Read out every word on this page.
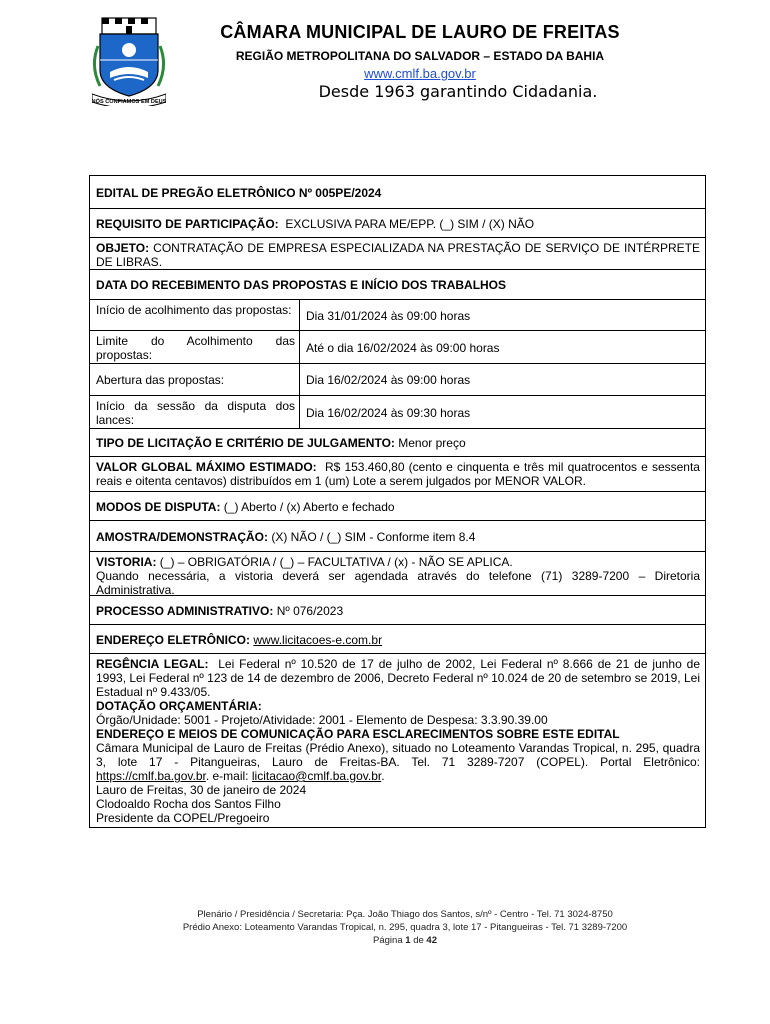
NÓS CONFIAMOS EM DEUS
CÂMARA MUNICIPAL DE LAURO DE FREITAS
REGIÃO METROPOLITANA DO SALVADOR – ESTADO DA BAHIA
www.cmlf.ba.gov.br
Desde 1963 garantindo Cidadania.
EDITAL DE PREGÃO ELETRÔNICO Nº 005PE/2024
REQUISITO DE PARTICIPAÇÃO:
EXCLUSIVA PARA ME/EPP. (_) SIM / (X) NÃO
OBJETO: CONTRATAÇÃO DE EMPRESA ESPECIALIZADA NA PRESTAÇÃO DE SERVIÇO DE INTÉRPRETE DE LIBRAS.
DATA DO RECEBIMENTO DAS PROPOSTAS E INÍCIO DOS TRABALHOS
Início de acolhimento das propostas:	Dia 31/01/2024 às 09:00 horas
Limite do Acolhimento das propostas:
Até o dia 16/02/2024 às 09:00 horas
Abertura das propostas:	Dia 16/02/2024 às 09:00 horas
Início da sessão da disputa dos lances:
Dia 16/02/2024 às 09:30 horas
TIPO DE LICITAÇÃO E CRITÉRIO DE JULGAMENTO:
Menor preço
VALOR GLOBAL MÁXIMO ESTIMADO: R$ 153.460,80 (cento e cinquenta e três mil quatrocentos e sessenta reais e oitenta centavos) distribuídos em 1 (um) Lote a serem julgados por MENOR VALOR.
MODOS DE DISPUTA:
(_) Aberto / (x) Aberto e fechado
AMOSTRA/DEMONSTRAÇÃO:
(X) NÃO / (_) SIM - Conforme item 8.4
VISTORIA: (_) – OBRIGATÓRIA / (_) – FACULTATIVA / (x) - NÃO SE APLICA.
Quando necessária, a vistoria deverá ser agendada através do telefone (71) 3289-7200 – Diretoria Administrativa.
PROCESSO ADMINISTRATIVO:
Nº 076/2023
ENDEREÇO ELETRÔNICO:
www.licitacoes-e.com.br
REGÊNCIA LEGAL: Lei Federal nº 10.520 de 17 de julho de 2002, Lei Federal nº 8.666 de 21 de junho de 1993, Lei Federal nº 123 de 14 de dezembro de 2006, Decreto Federal nº 10.024 de 20 de setembro se 2019, Lei Estadual nº 9.433/05.
DOTAÇÃO ORÇAMENTÁRIA:
Órgão/Unidade: 5001 - Projeto/Atividade: 2001 - Elemento de Despesa: 3.3.90.39.00
ENDEREÇO E MEIOS DE COMUNICAÇÃO PARA ESCLARECIMENTOS SOBRE ESTE EDITAL
Câmara Municipal de Lauro de Freitas (Prédio Anexo), situado no Loteamento Varandas Tropical, n. 295, quadra 3, lote 17 - Pitangueiras, Lauro de Freitas-BA. Tel. 71 3289-7207 (COPEL). Portal Eletrônico: https://cmlf.ba.gov.br. e-mail: licitacao@cmlf.ba.gov.br.
Lauro de Freitas, 30 de janeiro de 2024
Clodoaldo Rocha dos Santos Filho
Presidente da COPEL/Pregoeiro
Plenário / Presidência / Secretaria: Pça. João Thiago dos Santos, s/nº - Centro - Tel. 71 3024-8750
Prédio Anexo: Loteamento Varandas Tropical, n. 295, quadra 3, lote 17 - Pitangueiras - Tel. 71 3289-7200
Página 1 de 42
